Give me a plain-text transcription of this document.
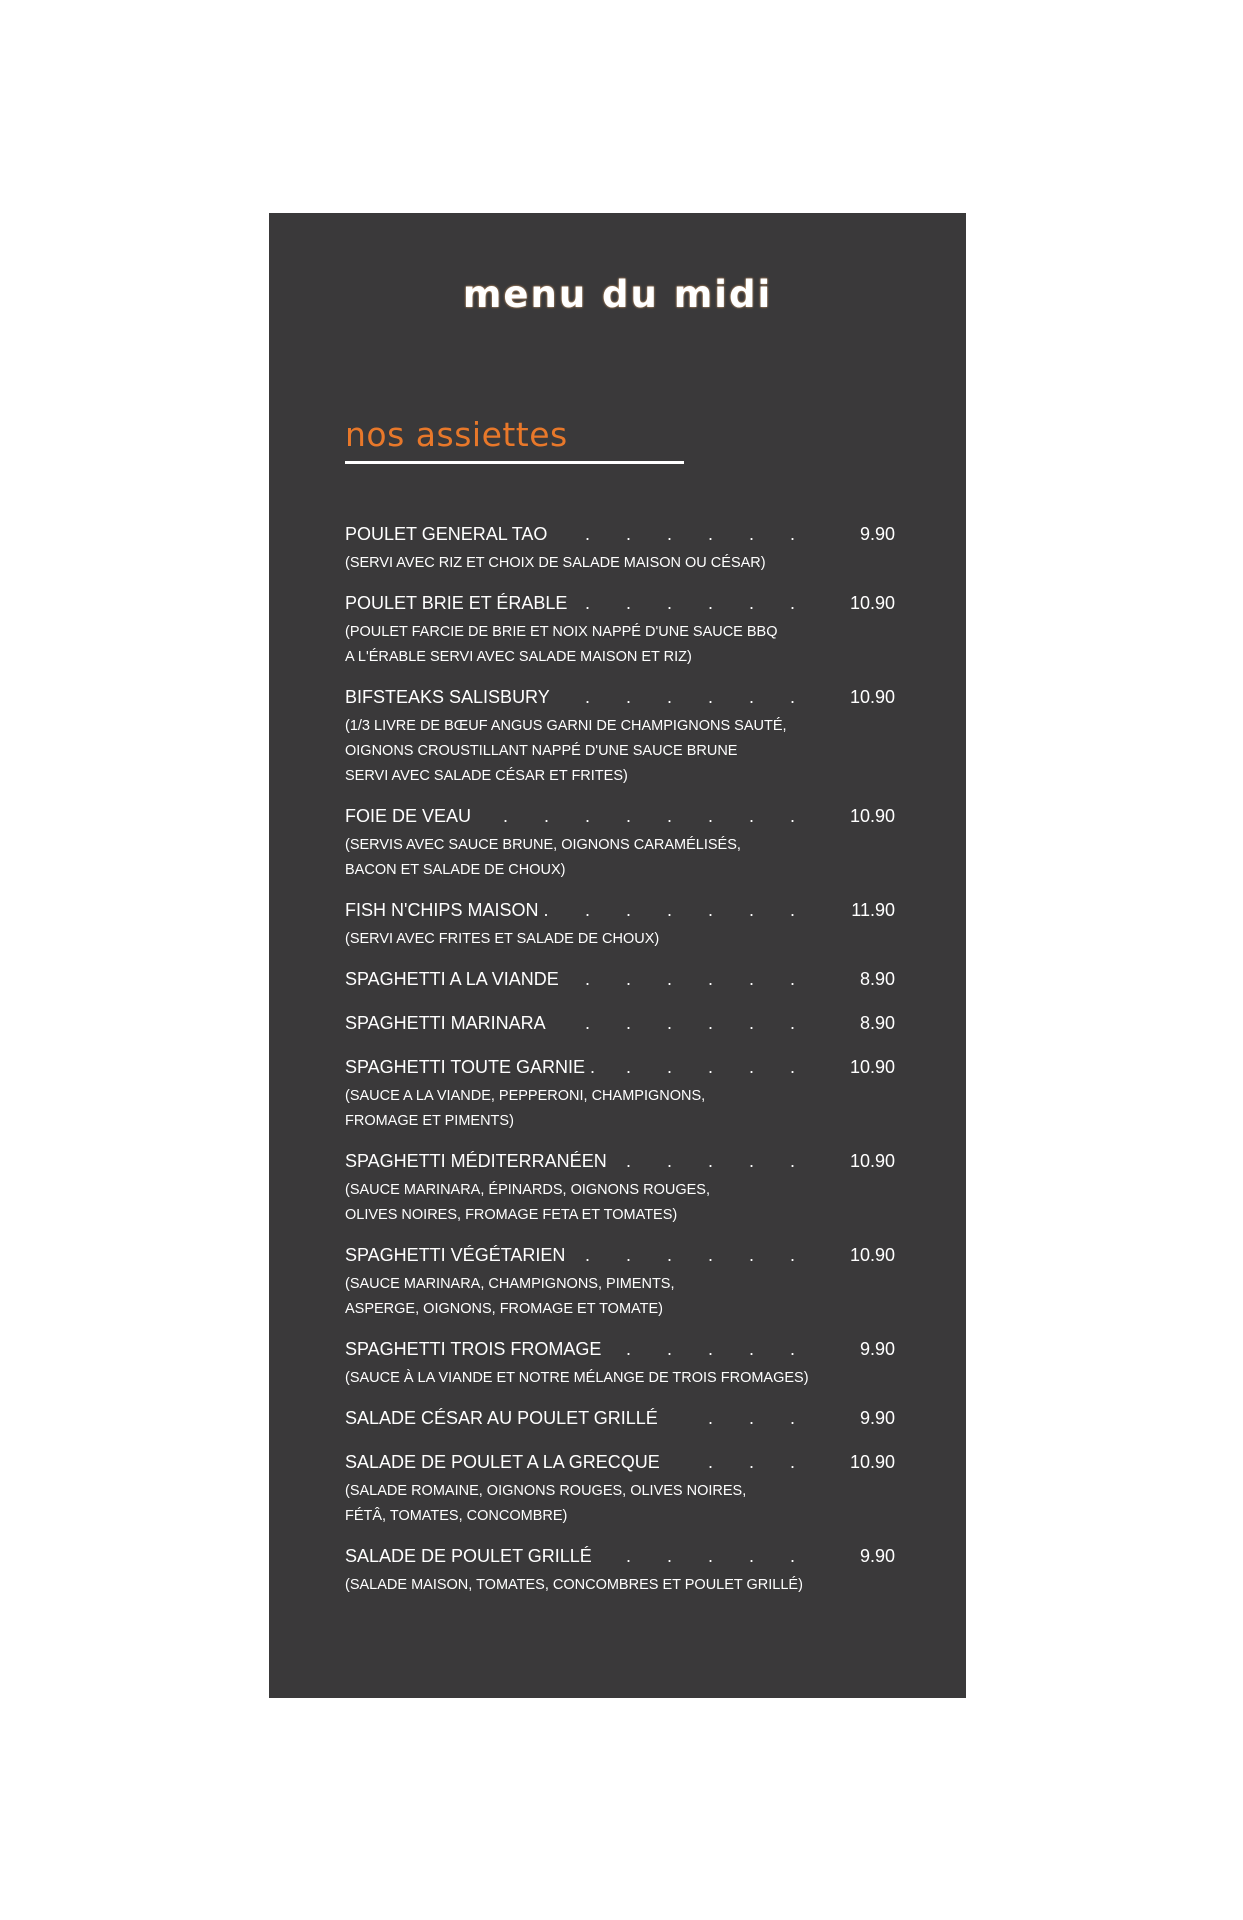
menu du midi
nos assiettes
POULET GENERAL TAO .  .  .  .  .  .	9.90
(SERVI AVEC RIZ ET CHOIX DE SALADE MAISON OU CÉSAR)
POULET BRIE ET ÉRABLE .  .  .  .  .  .	10.90
(POULET FARCIE DE BRIE ET NOIX NAPPÉ D'UNE SAUCE BBQ
A L'ÉRABLE SERVI AVEC SALADE MAISON ET RIZ)
BIFSTEAKS SALISBURY .  .  .  .  .  .	10.90
(1/3 LIVRE DE BŒUF ANGUS GARNI DE CHAMPIGNONS SAUTÉ,
OIGNONS CROUSTILLANT NAPPÉ D'UNE SAUCE BRUNE
SERVI AVEC SALADE CÉSAR ET FRITES)
FOIE DE VEAU .  .  .  .  .  .  .  .	10.90
(SERVIS AVEC SAUCE BRUNE, OIGNONS CARAMÉLISÉS,
BACON ET SALADE DE CHOUX)
FISH N'CHIPS MAISON . .  .  .  .  .  .	11.90
(SERVI AVEC FRITES ET SALADE DE CHOUX)
SPAGHETTI A LA VIANDE .  .  .  .  .  .	8.90
SPAGHETTI MARINARA .  .  .  .  .  .	8.90
SPAGHETTI TOUTE GARNIE . .  .  .  .  .	10.90
(SAUCE A LA VIANDE, PEPPERONI, CHAMPIGNONS,
FROMAGE ET PIMENTS)
SPAGHETTI MÉDITERRANÉEN .  .  .  .  .	10.90
(SAUCE MARINARA, ÉPINARDS, OIGNONS ROUGES,
OLIVES NOIRES, FROMAGE FETA ET TOMATES)
SPAGHETTI VÉGÉTARIEN .  .  .  .  .  .	10.90
(SAUCE MARINARA, CHAMPIGNONS, PIMENTS,
ASPERGE, OIGNONS, FROMAGE ET TOMATE)
SPAGHETTI TROIS FROMAGE .  .  .  .  .	9.90
(SAUCE À LA VIANDE ET NOTRE MÉLANGE DE TROIS FROMAGES)
SALADE CÉSAR AU POULET GRILLÉ	.  .  .	9.90
SALADE DE POULET A LA GRECQUE	.  .  .	10.90
(SALADE ROMAINE, OIGNONS ROUGES, OLIVES NOIRES,
FÉTÂ, TOMATES, CONCOMBRE)
SALADE DE POULET GRILLÉ .  .  .  .  .	9.90
(SALADE MAISON, TOMATES, CONCOMBRES ET POULET GRILLÉ)
